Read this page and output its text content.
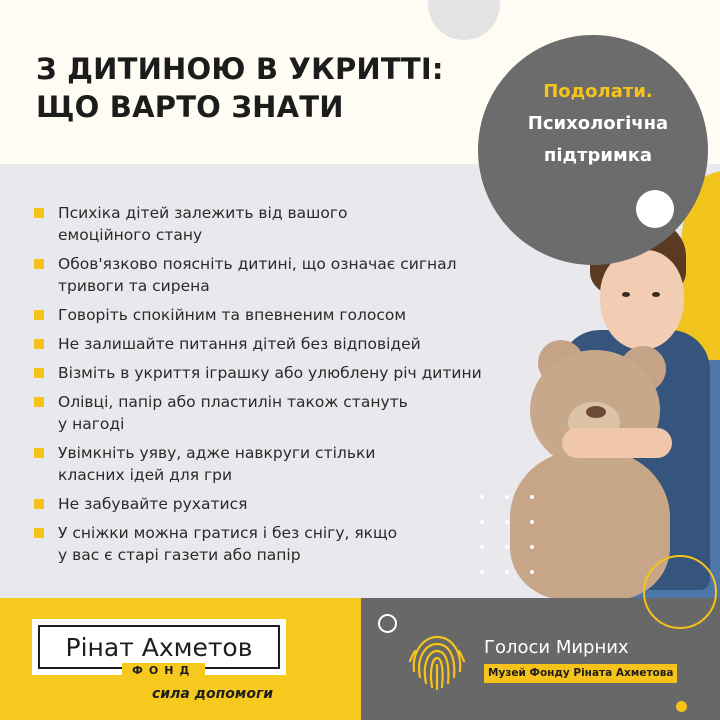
З ДИТИНОЮ В УКРИТТІ:
ЩО ВАРТО ЗНАТИ	Подолати.
Психологічна
підтримка
Психіка дітей залежить від вашого
емоційного стану
Обов'язково поясніть дитині, що означає сигнал
тривоги та сирена
Говоріть спокійним та впевненим голосом
Не залишайте питання дітей без відповідей
Візміть в укриття іграшку або улюблену річ дитини
Олівці, папір або пластилін також стануть
у нагоді
Увімкніть уяву, адже навкруги стільки
класних ідей для гри
Не забувайте рухатися
У сніжки можна гратися і без снігу, якщо
у вас є старі газети або папір
Рінат Ахметов
ФОНД
сила допомоги
Голоси Мирних
Музей Фонду Ріната Ахметова
